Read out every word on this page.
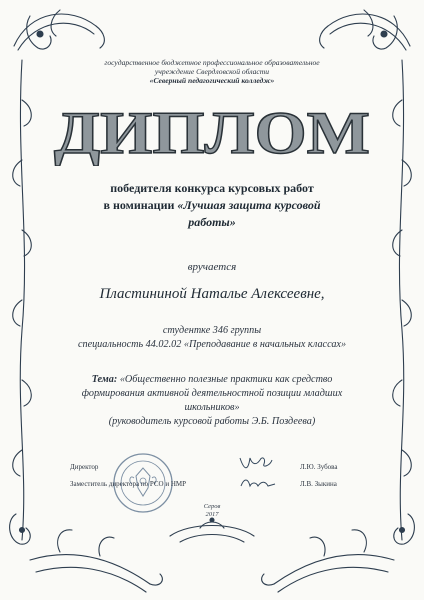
государственное бюджетное профессиональное образовательное
учреждение Свердловской области
«Северный педагогический колледж»
ДИПЛОМ
победителя конкурса курсовых работ
в номинации «Лучшая защита курсовой
работы»
вручается
Пластининой Наталье Алексеевне,
студентке 346 группы
специальность 44.02.02 «Преподавание в начальных классах»
Тема: «Общественно полезные практики как средство
формирования активной деятельностной позиции младших
школьников»
(руководитель курсовой работы Э.Б. Поздеева)
Директор	Л.Ю. Зубова
Заместитель директора по РСО и НМР	Л.В. Зыкина
Серов
2017
